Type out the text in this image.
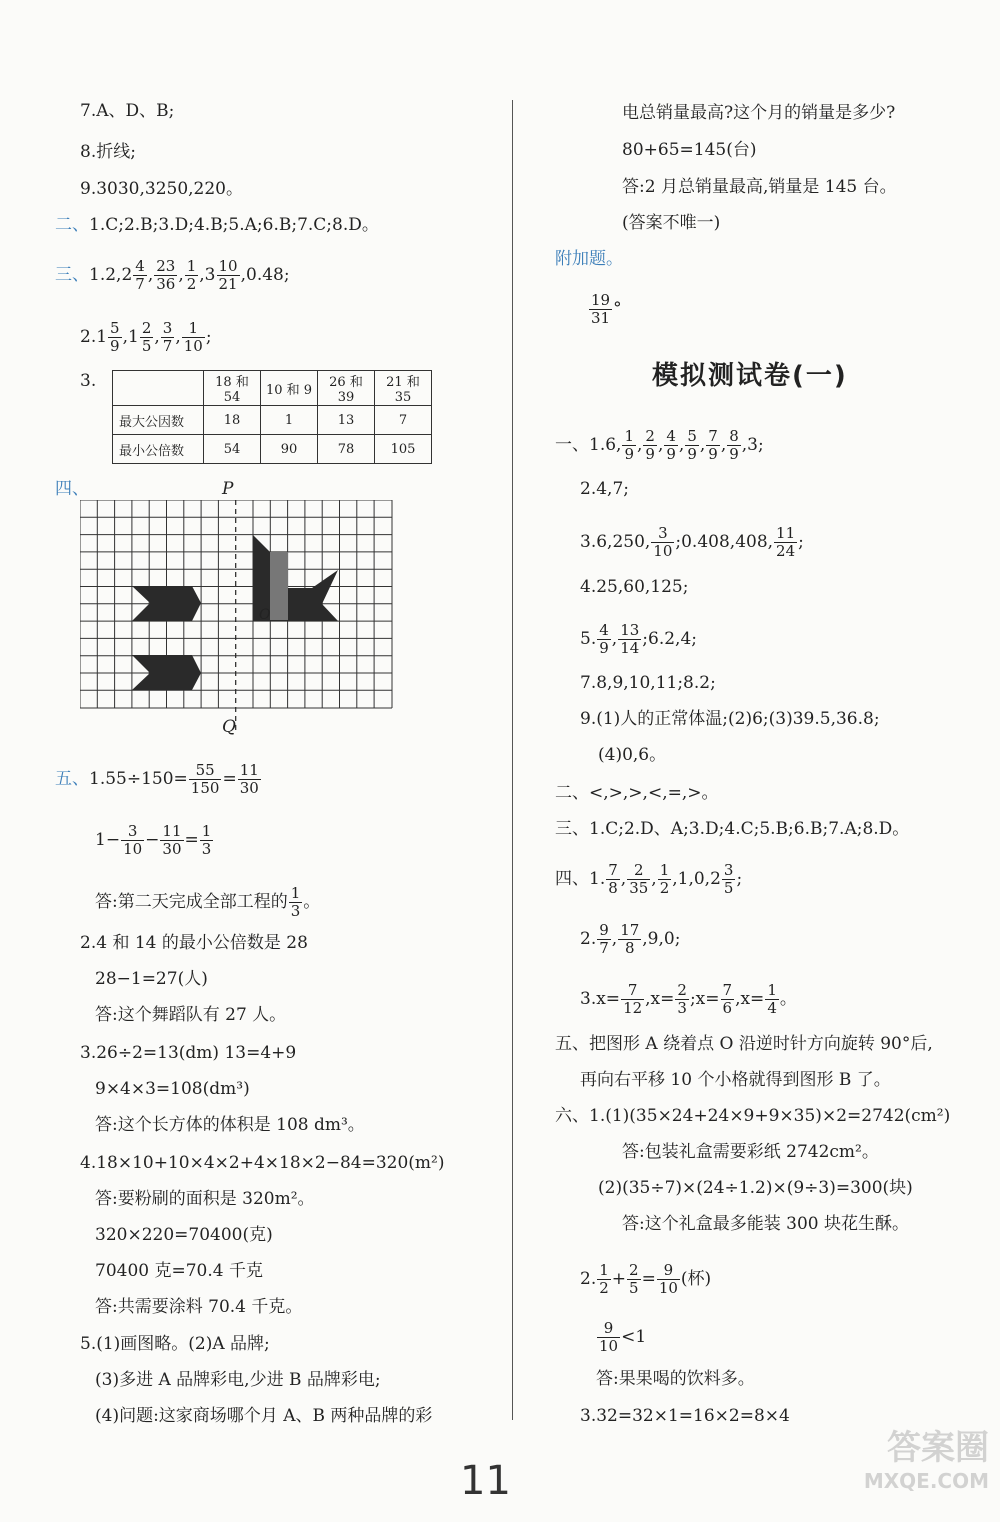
7.A、D、B;
8.折线;
9.3030,3250,220。
二、1.C;2.B;3.D;4.B;5.A;6.B;7.C;8.D。
三、$1.2,2 \frac{4}{7}$ , $\frac{23}{36}$ , $\frac{1}{2} ,3 \frac{10}{21} ,0.48$;
$2.1 \frac{5}{9} ,1 \frac{2}{5}$ , $\frac{3}{7}$ , $\frac{1}{10}$ ;
3.
		18 和 54	10 和 9	26 和 39	21 和 35
最大公因数	18	1	13	7
最小公倍数	54	90	78	105
四、	P
Q
O
五、$1.55\div 150= \frac{55}{150} = \frac{11}{30}$
$1- \frac{3}{10} - \frac{11}{30} = \frac{1}{3}$
答:第二天完成全部工程的 $\frac{1}{3}$ 。
2.4 和 14 的最小公倍数是 28
28−1=27(人)
答:这个舞蹈队有 27 人。
3.26÷2=13(dm) 13=4+9
9×4×3=108(dm³)
答:这个长方体的体积是 108 dm³。
4.18×10+10×4×2+4×18×2−84=320(m²)
答:要粉刷的面积是 320m²。
320×220=70400(克)
70400 克=70.4 千克
答:共需要涂料 70.4 千克。
5.(1)画图略。(2)A 品牌;
(3)多进 A 品牌彩电,少进 B 品牌彩电;
(4)问题:这家商场哪个月 A、B 两种品牌的彩
电总销量最高?这个月的销量是多少?
80+65=145(台)
答:2 月总销量最高,销量是 145 台。
(答案不唯一)
附加题。
$\frac{19}{31}$ °
模拟测试卷(一)
一、1.6, $\frac{1}{9}$ , $\frac{2}{9}$ , $\frac{4}{9}$ , $\frac{5}{9}$ , $\frac{7}{9}$ , $\frac{8}{9} ,3$;
2.4,7;
3.6,250, $\frac{3}{10}$ ;0.408,408, $\frac{11}{24}$ ;
4.25,60,125;
5. $\frac{4}{9}$ , $\frac{13}{14}$ ;6.2,4;
7.8,9,10,11;8.2;
9.(1)人的正常体温;(2)6;(3)39.5,36.8;
(4)0,6。
二、<,>,>,<,=,>。
三、1.C;2.D、A;3.D;4.C;5.B;6.B;7.A;8.D。
四、1. $\frac{7}{8}$ , $\frac{2}{35}$ , $\frac{1}{2} ,1,0,2 \frac{3}{5}$ ;
2. $\frac{9}{7}$ , $\frac{17}{8} ,9,0$;
$3.x= \frac{7}{12} ,x= \frac{2}{3}$ ;x= $\frac{7}{6} ,x= \frac{1}{4}$ 。
五、把图形 A 绕着点 O 沿逆时针方向旋转 90°后,
再向右平移 10 个小格就得到图形 B 了。
六、1.(1)(35×24+24×9+9×35)×2=2742(cm²)
答:包装礼盒需要彩纸 2742cm²。
(2)(35÷7)×(24÷1.2)×(9÷3)=300(块)
答:这个礼盒最多能装 300 块花生酥。
2. $\frac{1}{2} + \frac{2}{5} = \frac{9}{10}$ (杯)
$\frac{9}{10} <1$
答:果果喝的饮料多。
3.32=32×1=16×2=8×4
11
答案圈
MXQE.COM
